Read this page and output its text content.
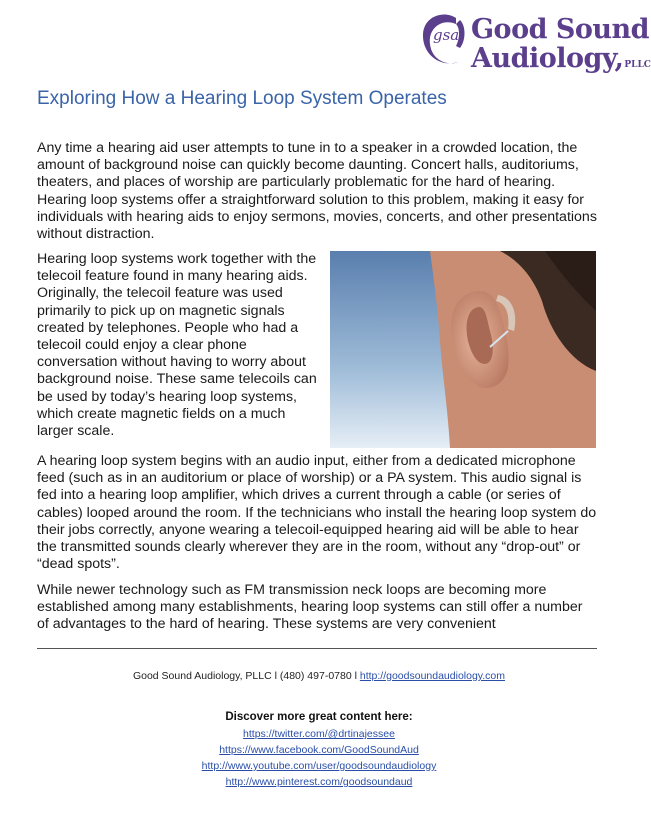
gsa Good Sound
Audiology,PLLC
Exploring How a Hearing Loop System Operates

Any time a hearing aid user attempts to tune in to a speaker in a crowded location, the amount of background noise can quickly become daunting. Concert halls, auditoriums, theaters, and places of worship are particularly problematic for the hard of hearing. Hearing loop systems offer a straightforward solution to this problem, making it easy for individuals with hearing aids to enjoy sermons, movies, concerts, and other presentations without distraction.

Hearing loop systems work together with the telecoil feature found in many hearing aids. Originally, the telecoil feature was used primarily to pick up on magnetic signals created by telephones. People who had a telecoil could enjoy a clear phone conversation without having to worry about background noise. These same telecoils can be used by today’s hearing loop systems, which create magnetic fields on a much larger scale.

A hearing loop system begins with an audio input, either from a dedicated microphone feed (such as in an auditorium or place of worship) or a PA system. This audio signal is fed into a hearing loop amplifier, which drives a current through a cable (or series of cables) looped around the room. If the technicians who install the hearing loop system do their jobs correctly, anyone wearing a telecoil-equipped hearing aid will be able to hear the transmitted sounds clearly wherever they are in the room, without any “drop-out” or “dead spots”.

While newer technology such as FM transmission neck loops are becoming more established among many establishments, hearing loop systems can still offer a number of advantages to the hard of hearing. These systems are very convenient

Good Sound Audiology, PLLC l (480) 497-0780 l http://goodsoundaudiology.com
Discover more great content here:
https://twitter.com/@drtinajessee
https://www.facebook.com/GoodSoundAud
http://www.youtube.com/user/goodsoundaudiology
http://www.pinterest.com/goodsoundaud
